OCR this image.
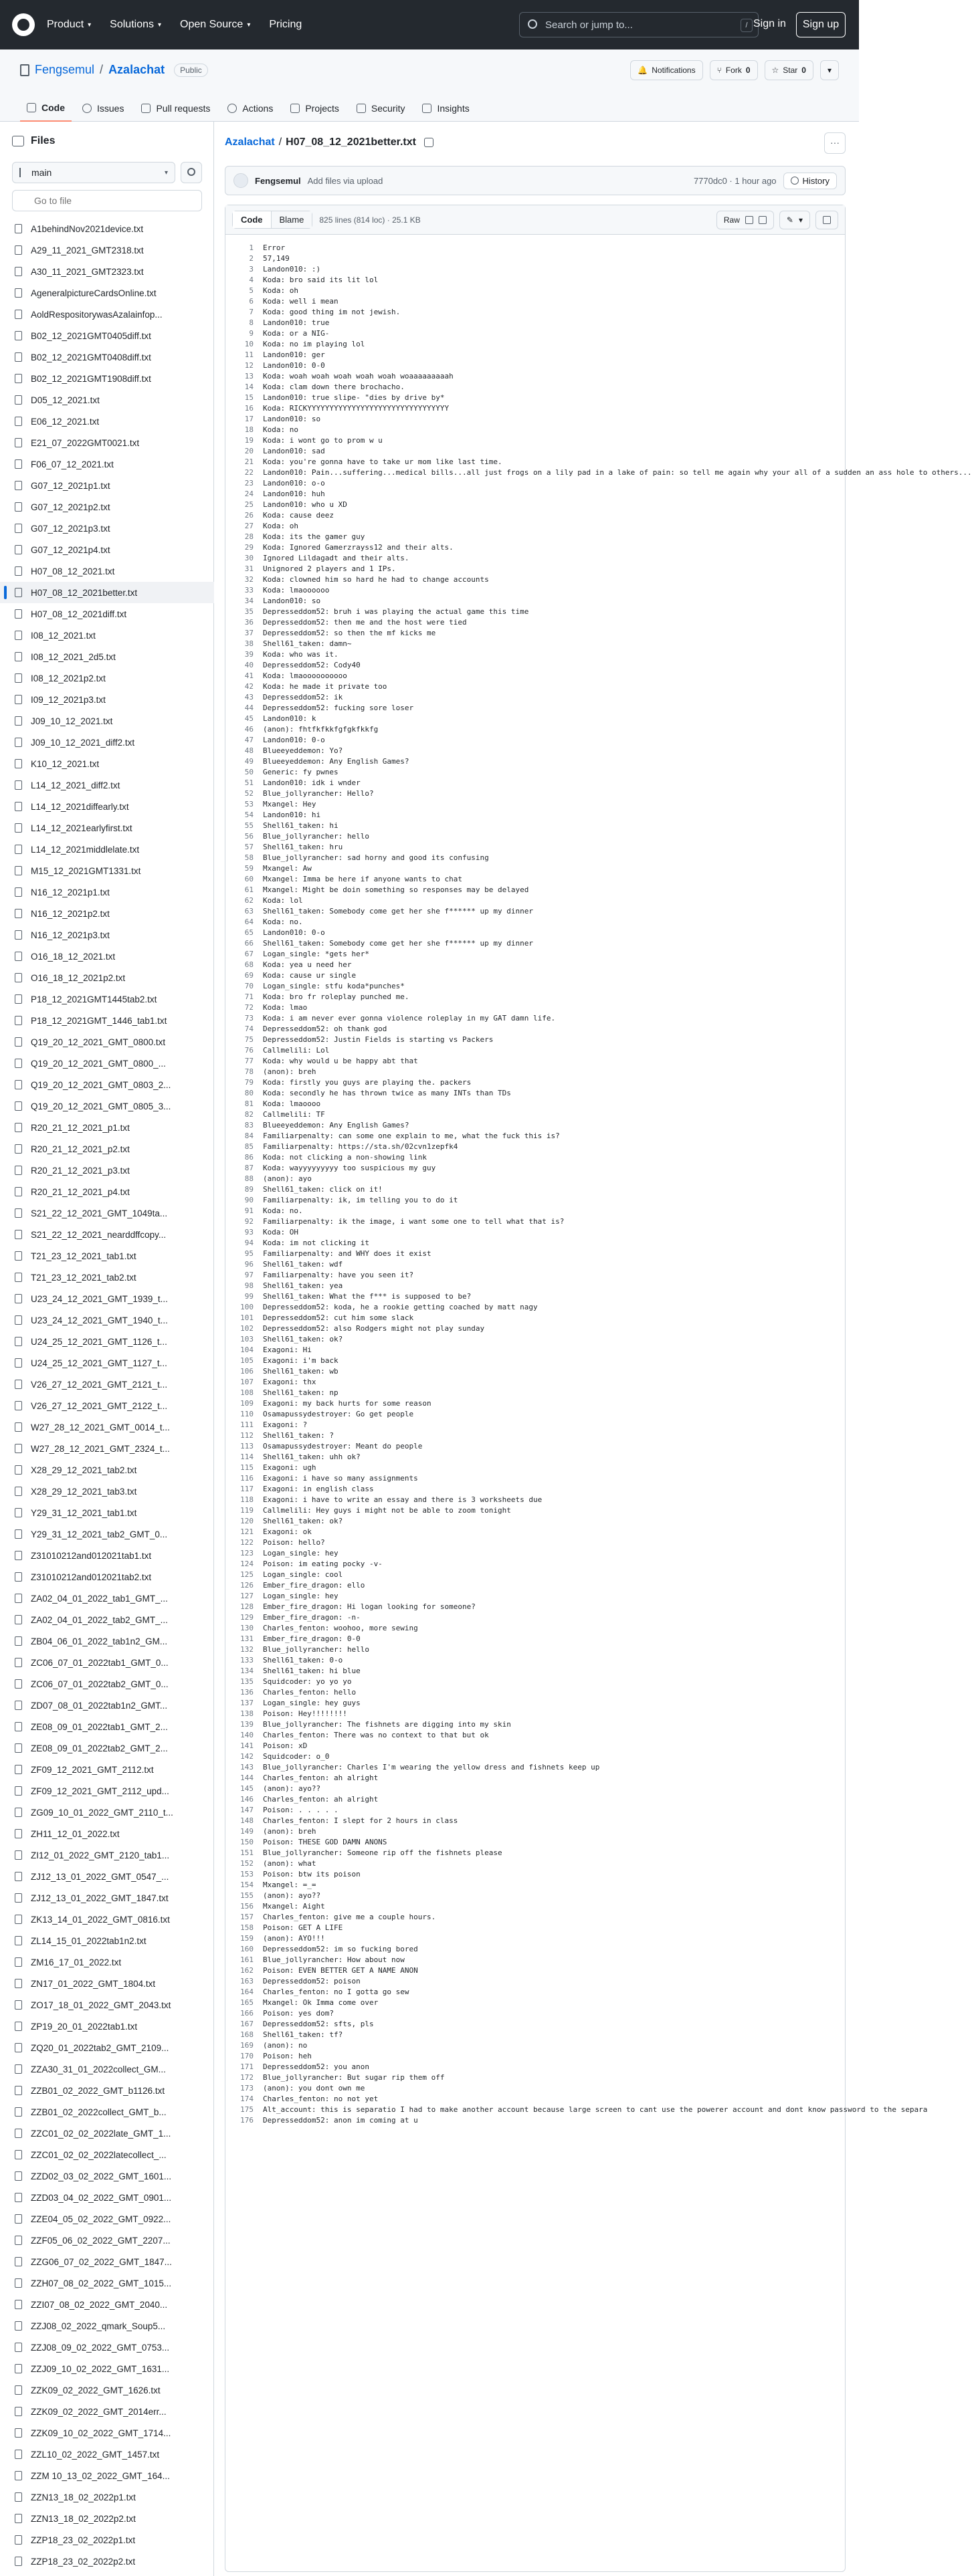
Product ▾ Solutions ▾ Open Source ▾ Pricing	Search or jump to...	/ Sign in	Sign up
Fengsemul / Azalachat	Public	🔔 Notifications	⑂ Fork 0	☆ Star 0	▾
Code	Issues	Pull requests	Actions	Projects	Security	Insights
Files
main	▾
Go to file
A1behindNov2021device.txt
A29_11_2021_GMT2318.txt
A30_11_2021_GMT2323.txt
AgeneralpictureCardsOnline.txt
AoldRespositorywasAzalainfop...
B02_12_2021GMT0405diff.txt
B02_12_2021GMT0408diff.txt
B02_12_2021GMT1908diff.txt
D05_12_2021.txt
E06_12_2021.txt
E21_07_2022GMT0021.txt
F06_07_12_2021.txt
G07_12_2021p1.txt
G07_12_2021p2.txt
G07_12_2021p3.txt
G07_12_2021p4.txt
H07_08_12_2021.txt
H07_08_12_2021better.txt
H07_08_12_2021diff.txt
I08_12_2021.txt
I08_12_2021_2d5.txt
I08_12_2021p2.txt
I09_12_2021p3.txt
J09_10_12_2021.txt
J09_10_12_2021_diff2.txt
K10_12_2021.txt
L14_12_2021_diff2.txt
L14_12_2021diffearly.txt
L14_12_2021earlyfirst.txt
L14_12_2021middlelate.txt
M15_12_2021GMT1331.txt
N16_12_2021p1.txt
N16_12_2021p2.txt
N16_12_2021p3.txt
O16_18_12_2021.txt
O16_18_12_2021p2.txt
P18_12_2021GMT1445tab2.txt
P18_12_2021GMT_1446_tab1.txt
Q19_20_12_2021_GMT_0800.txt
Q19_20_12_2021_GMT_0800_...
Q19_20_12_2021_GMT_0803_2...
Q19_20_12_2021_GMT_0805_3...
R20_21_12_2021_p1.txt
R20_21_12_2021_p2.txt
R20_21_12_2021_p3.txt
R20_21_12_2021_p4.txt
S21_22_12_2021_GMT_1049ta...
S21_22_12_2021_nearddffcopy...
T21_23_12_2021_tab1.txt
T21_23_12_2021_tab2.txt
U23_24_12_2021_GMT_1939_t...
U23_24_12_2021_GMT_1940_t...
U24_25_12_2021_GMT_1126_t...
U24_25_12_2021_GMT_1127_t...
V26_27_12_2021_GMT_2121_t...
V26_27_12_2021_GMT_2122_t...
W27_28_12_2021_GMT_0014_t...
W27_28_12_2021_GMT_2324_t...
X28_29_12_2021_tab2.txt
X28_29_12_2021_tab3.txt
Y29_31_12_2021_tab1.txt
Y29_31_12_2021_tab2_GMT_0...
Z31010212and012021tab1.txt
Z31010212and012021tab2.txt
ZA02_04_01_2022_tab1_GMT_...
ZA02_04_01_2022_tab2_GMT_...
ZB04_06_01_2022_tab1n2_GM...
ZC06_07_01_2022tab1_GMT_0...
ZC06_07_01_2022tab2_GMT_0...
ZD07_08_01_2022tab1n2_GMT...
ZE08_09_01_2022tab1_GMT_2...
ZE08_09_01_2022tab2_GMT_2...
ZF09_12_2021_GMT_2112.txt
ZF09_12_2021_GMT_2112_upd...
ZG09_10_01_2022_GMT_2110_t...
ZH11_12_01_2022.txt
ZI12_01_2022_GMT_2120_tab1...
ZJ12_13_01_2022_GMT_0547_...
ZJ12_13_01_2022_GMT_1847.txt
ZK13_14_01_2022_GMT_0816.txt
ZL14_15_01_2022tab1n2.txt
ZM16_17_01_2022.txt
ZN17_01_2022_GMT_1804.txt
ZO17_18_01_2022_GMT_2043.txt
ZP19_20_01_2022tab1.txt
ZQ20_01_2022tab2_GMT_2109...
ZZA30_31_01_2022collect_GM...
ZZB01_02_2022_GMT_b1126.txt
ZZB01_02_2022collect_GMT_b...
ZZC01_02_02_2022late_GMT_1...
ZZC01_02_02_2022latecollect_...
ZZD02_03_02_2022_GMT_1601...
ZZD03_04_02_2022_GMT_0901...
ZZE04_05_02_2022_GMT_0922...
ZZF05_06_02_2022_GMT_2207...
ZZG06_07_02_2022_GMT_1847...
ZZH07_08_02_2022_GMT_1015...
ZZI07_08_02_2022_GMT_2040...
ZZJ08_02_2022_qmark_Soup5...
ZZJ08_09_02_2022_GMT_0753...
ZZJ09_10_02_2022_GMT_1631...
ZZK09_02_2022_GMT_1626.txt
ZZK09_02_2022_GMT_2014err...
ZZK09_10_02_2022_GMT_1714...
ZZL10_02_2022_GMT_1457.txt
ZZM 10_13_02_2022_GMT_164...
ZZN13_18_02_2022p1.txt
ZZN13_18_02_2022p2.txt
ZZP18_23_02_2022p1.txt
ZZP18_23_02_2022p2.txt
Azalachat / H07_08_12_2021better.txt	···
Fengsemul Add files via upload	7770dc0 · 1 hour ago	History
Code	Blame	825 lines (814 loc) · 25.1 KB	Raw	✎ ▾
1	Error
2	57,149
3	Landon010: :)
4	Koda: bro said its lit lol
5	Koda: oh
6	Koda: well i mean
7	Koda: good thing im not jewish.
8	Landon010: true
9	Koda: or a NIG-
10	Koda: no im playing lol
11	Landon010: ger
12	Landon010: 0-0
13	Koda: woah woah woah woah woah woaaaaaaaaah
14	Koda: clam down there brochacho.
15	Landon010: true slipe- "dies by drive by*
16	Koda: RICKYYYYYYYYYYYYYYYYYYYYYYYYYYYYYYYY
17	Landon010: so
18	Koda: no
19	Koda: i wont go to prom w u
20	Landon010: sad
21	Koda: you're gonna have to take ur mom like last time.
22	Landon010: Pain...suffering...medical bills...all just frogs on a lily pad in a lake of pain: so tell me again why your all of a sudden an ass hole to others...
23	Landon010: o-o
24	Landon010: huh
25	Landon010: who u XD
26	Koda: cause deez
27	Koda: oh
28	Koda: its the gamer guy
29	Koda: Ignored Gamerzrayss12 and their alts.
30	Ignored Lildagadt and their alts.
31	Unignored 2 players and 1 IPs.
32	Koda: clowned him so hard he had to change accounts
33	Koda: lmaoooooo
34	Landon010: so
35	Depresseddom52: bruh i was playing the actual game this time
36	Depresseddom52: then me and the host were tied
37	Depresseddom52: so then the mf kicks me
38	Shell61_taken: damn~
39	Koda: who was it.
40	Depresseddom52: Cody40
41	Koda: lmaoooooooooo
42	Koda: he made it private too
43	Depresseddom52: ik
44	Depresseddom52: fucking sore loser
45	Landon010: k
46	(anon): fhtfkfkkfgfgkfkkfg
47	Landon010: 0-o
48	Blueeyeddemon: Yo?
49	Blueeyeddemon: Any English Games?
50	Generic: fy pwnes
51	Landon010: idk i wnder
52	Blue_jollyrancher: Hello?
53	Mxangel: Hey
54	Landon010: hi
55	Shell61_taken: hi
56	Blue_jollyrancher: hello
57	Shell61_taken: hru
58	Blue_jollyrancher: sad horny and good its confusing
59	Mxangel: Aw
60	Mxangel: Imma be here if anyone wants to chat
61	Mxangel: Might be doin something so responses may be delayed
62	Koda: lol
63	Shell61_taken: Somebody come get her she f****** up my dinner
64	Koda: no.
65	Landon010: 0-o
66	Shell61_taken: Somebody come get her she f****** up my dinner
67	Logan_single: *gets her*
68	Koda: yea u need her
69	Koda: cause ur single
70	Logan_single: stfu koda*punches*
71	Koda: bro fr roleplay punched me.
72	Koda: lmao
73	Koda: i am never ever gonna violence roleplay in my GAT damn life.
74	Depresseddom52: oh thank god
75	Depresseddom52: Justin Fields is starting vs Packers
76	Callmelili: Lol
77	Koda: why would u be happy abt that
78	(anon): breh
79	Koda: firstly you guys are playing the. packers
80	Koda: secondly he has thrown twice as many INTs than TDs
81	Koda: lmaoooo
82	Callmelili: TF
83	Blueeyeddemon: Any English Games?
84	Familiarpenalty: can some one explain to me, what the fuck this is?
85	Familiarpenalty: https://sta.sh/02cvn1zepfk4
86	Koda: not clicking a non-showing link
87	Koda: wayyyyyyyyy too suspicious my guy
88	(anon): ayo
89	Shell61_taken: click on it!
90	Familiarpenalty: ik, im telling you to do it
91	Koda: no.
92	Familiarpenalty: ik the image, i want some one to tell what that is?
93	Koda: OH
94	Koda: im not clicking it
95	Familiarpenalty: and WHY does it exist
96	Shell61_taken: wdf
97	Familiarpenalty: have you seen it?
98	Shell61_taken: yea
99	Shell61_taken: What the f*** is supposed to be?
100	Depresseddom52: koda, he a rookie getting coached by matt nagy
101	Depresseddom52: cut him some slack
102	Depresseddom52: also Rodgers might not play sunday
103	Shell61_taken: ok?
104	Exagoni: Hi
105	Exagoni: i'm back
106	Shell61_taken: wb
107	Exagoni: thx
108	Shell61_taken: np
109	Exagoni: my back hurts for some reason
110	Osamapussydestroyer: Go get people
111	Exagoni: ?
112	Shell61_taken: ?
113	Osamapussydestroyer: Meant do people
114	Shell61_taken: uhh ok?
115	Exagoni: ugh
116	Exagoni: i have so many assignments
117	Exagoni: in english class
118	Exagoni: i have to write an essay and there is 3 worksheets due
119	Callmelili: Hey guys i might not be able to zoom tonight
120	Shell61_taken: ok?
121	Exagoni: ok
122	Poison: hello?
123	Logan_single: hey
124	Poison: im eating pocky -v-
125	Logan_single: cool
126	Ember_fire_dragon: ello
127	Logan_single: hey
128	Ember_fire_dragon: Hi logan looking for someone?
129	Ember_fire_dragon: -n-
130	Charles_fenton: woohoo, more sewing
131	Ember_fire_dragon: 0-0
132	Blue_jollyrancher: hello
133	Shell61_taken: 0-o
134	Shell61_taken: hi blue
135	Squidcoder: yo yo yo
136	Charles_fenton: hello
137	Logan_single: hey guys
138	Poison: Hey!!!!!!!!
139	Blue_jollyrancher: The fishnets are digging into my skin
140	Charles_fenton: There was no context to that but ok
141	Poison: xD
142	Squidcoder: o_0
143	Blue_jollyrancher: Charles I'm wearing the yellow dress and fishnets keep up
144	Charles_fenton: ah alright
145	(anon): ayo??
146	Charles_fenton: ah alright
147	Poison: . . . . .
148	Charles_fenton: I slept for 2 hours in class
149	(anon): breh
150	Poison: THESE GOD DAMN ANONS
151	Blue_jollyrancher: Someone rip off the fishnets please
152	(anon): what
153	Poison: btw its poison
154	Mxangel: =_=
155	(anon): ayo??
156	Mxangel: Aight
157	Charles_fenton: give me a couple hours.
158	Poison: GET A LIFE
159	(anon): AYO!!!
160	Depresseddom52: im so fucking bored
161	Blue_jollyrancher: How about now
162	Poison: EVEN BETTER GET A NAME ANON
163	Depresseddom52: poison
164	Charles_fenton: no I gotta go sew
165	Mxangel: Ok Imma come over
166	Poison: yes dom?
167	Depresseddom52: sfts, pls
168	Shell61_taken: tf?
169	(anon): no
170	Poison: heh
171	Depresseddom52: you anon
172	Blue_jollyrancher: But sugar rip them off
173	(anon): you dont own me
174	Charles_fenton: no not yet
175	Alt_account: this is separatio I had to make another account because large screen to cant use the powerer account and dont know password to the separa
176	Depresseddom52: anon im coming at u
